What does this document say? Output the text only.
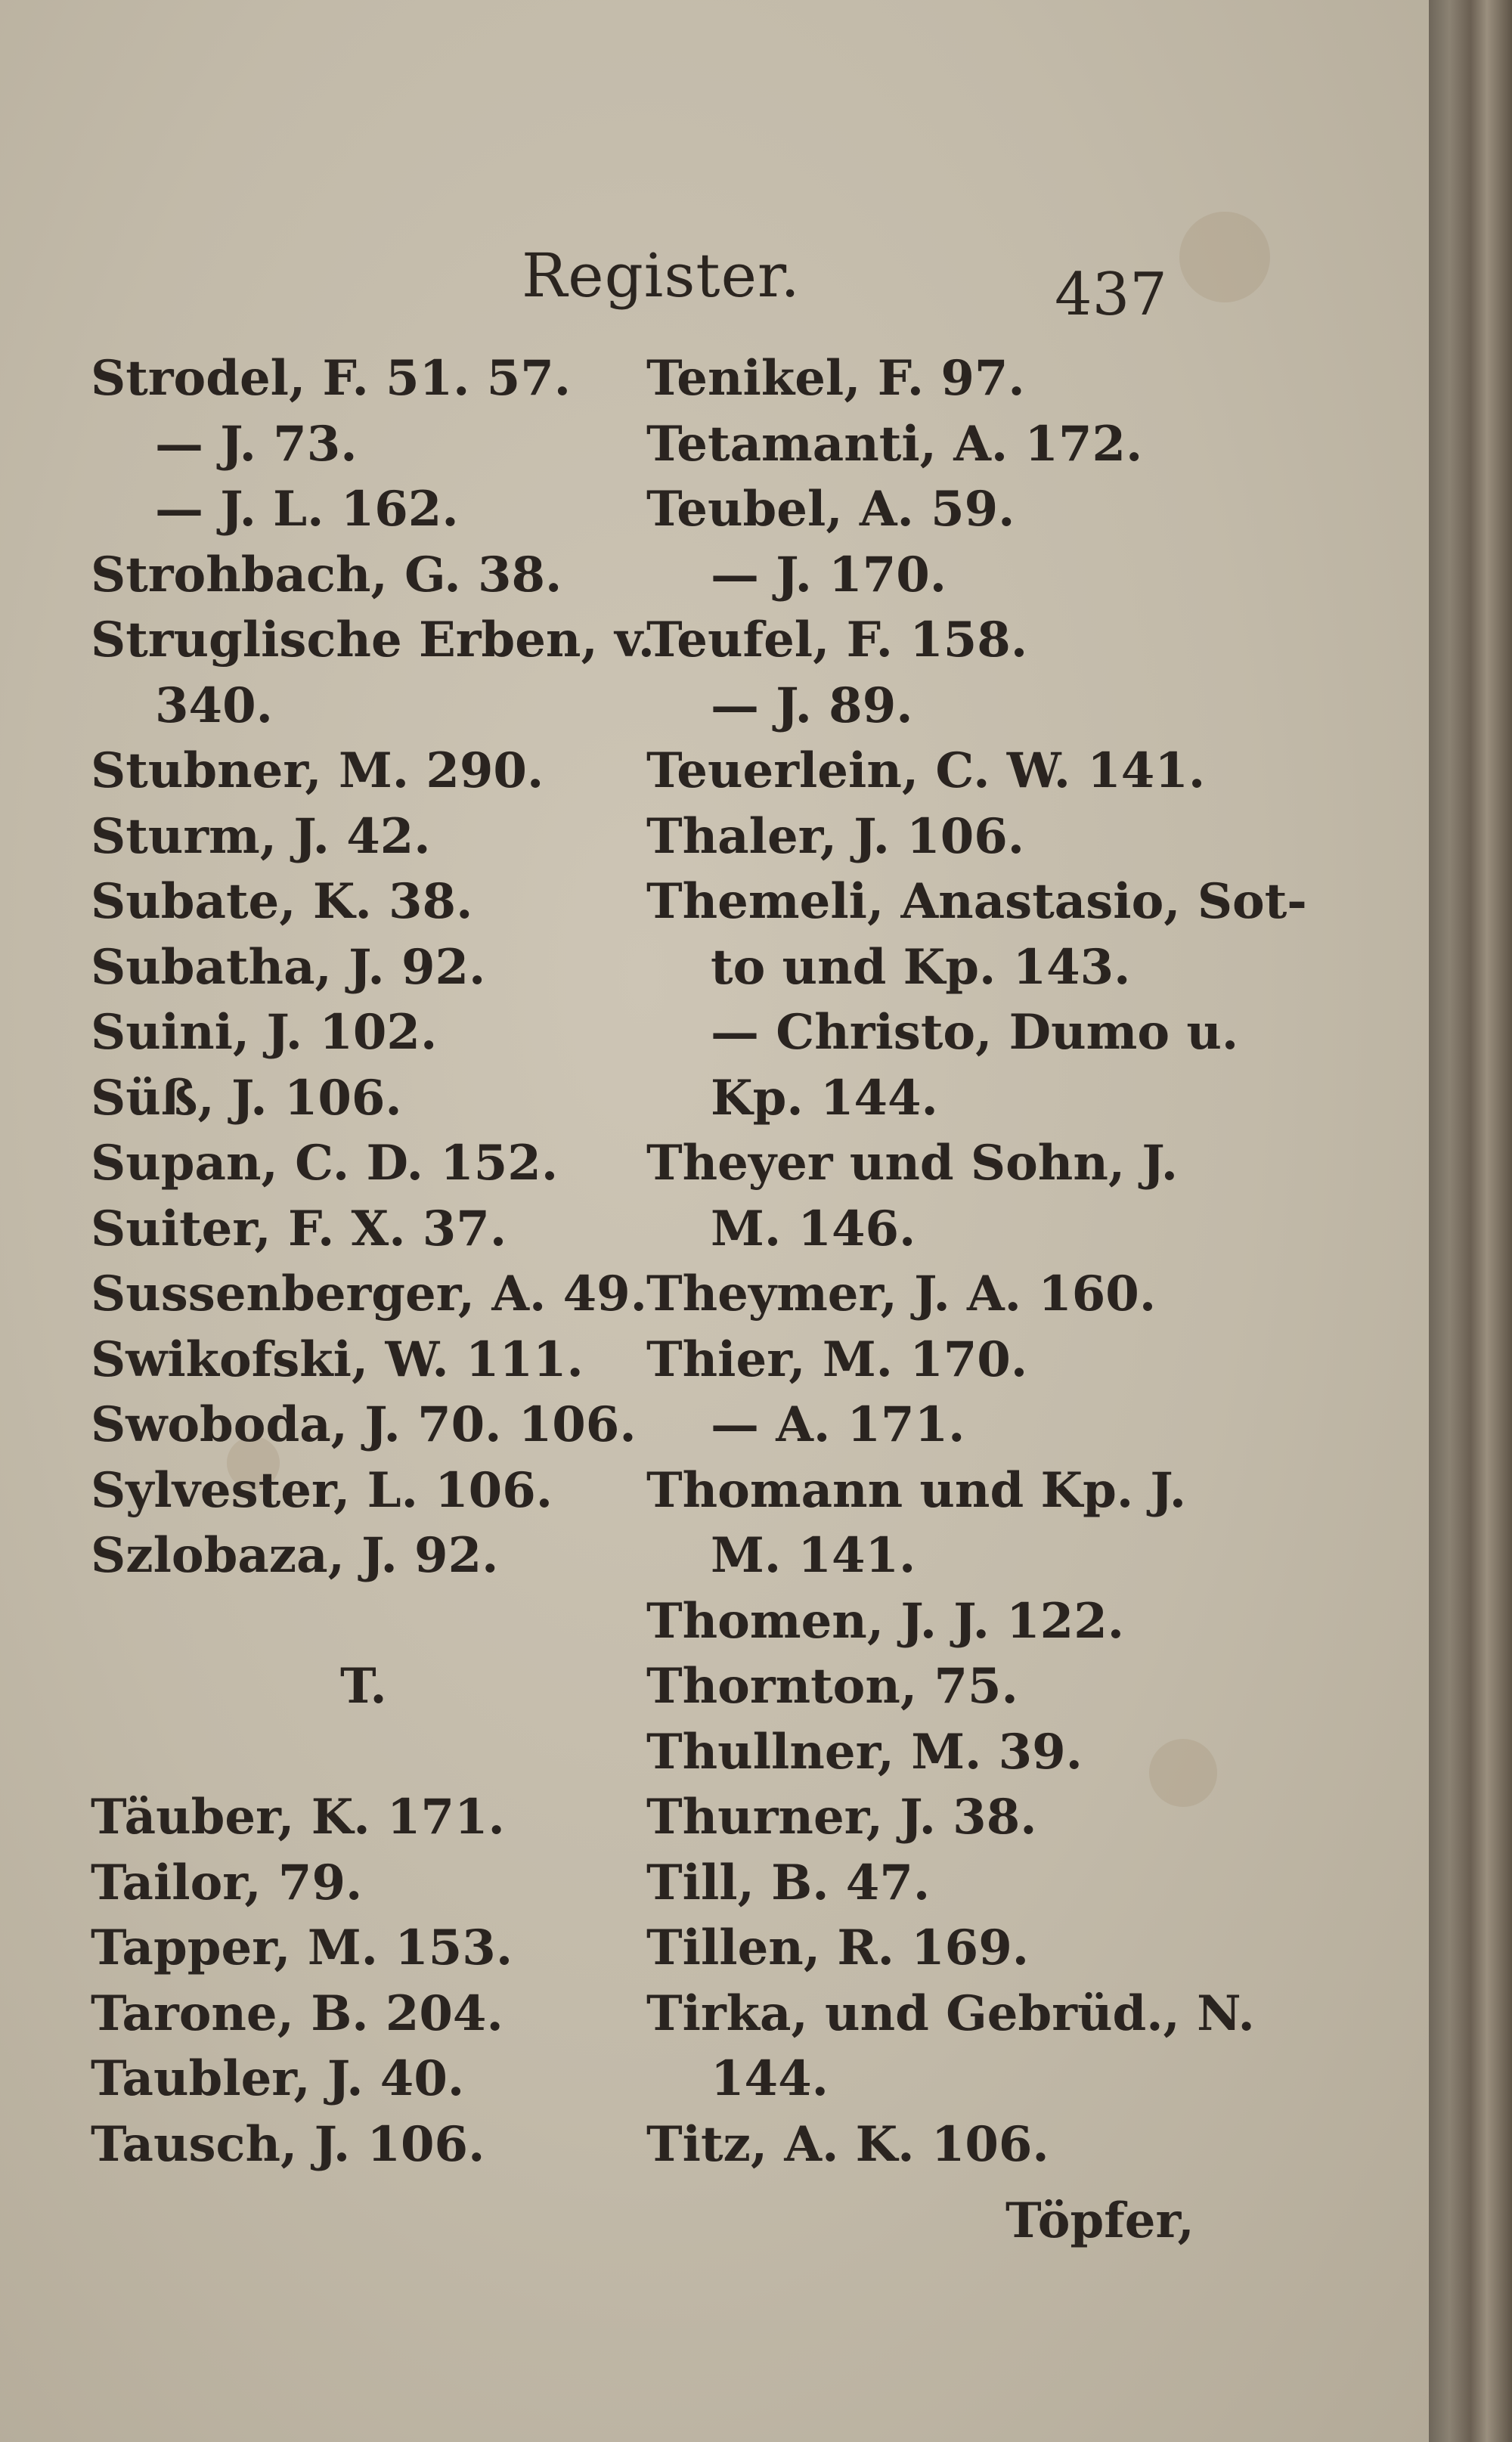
Register.	437
Strodel, F. 51. 57.
— J. 73.
— J. L. 162.
Strohbach, G. 38.
Struglische Erben, v.
340.
Stubner, M. 290.
Sturm, J. 42.
Subate, K. 38.
Subatha, J. 92.
Suini, J. 102.
Süß, J. 106.
Supan, C. D. 152.
Suiter, F. X. 37.
Sussenberger, A. 49.
Swikofski, W. 111.
Swoboda, J. 70. 106.
Sylvester, L. 106.
Szlobaza, J. 92.
T.
Täuber, K. 171.
Tailor, 79.
Tapper, M. 153.
Tarone, B. 204.
Taubler, J. 40.
Tausch, J. 106.
Tenikel, F. 97.
Tetamanti, A. 172.
Teubel, A. 59.
— J. 170.
Teufel, F. 158.
— J. 89.
Teuerlein, C. W. 141.
Thaler, J. 106.
Themeli, Anastasio, Sot-
to und Kp. 143.
— Christo, Dumo u.
Kp. 144.
Theyer und Sohn, J.
M. 146.
Theymer, J. A. 160.
Thier, M. 170.
— A. 171.
Thomann und Kp. J.
M. 141.
Thomen, J. J. 122.
Thornton, 75.
Thullner, M. 39.
Thurner, J. 38.
Till, B. 47.
Tillen, R. 169.
Tirka, und Gebrüd., N.
144.
Titz, A. K. 106.
Töpfer,
